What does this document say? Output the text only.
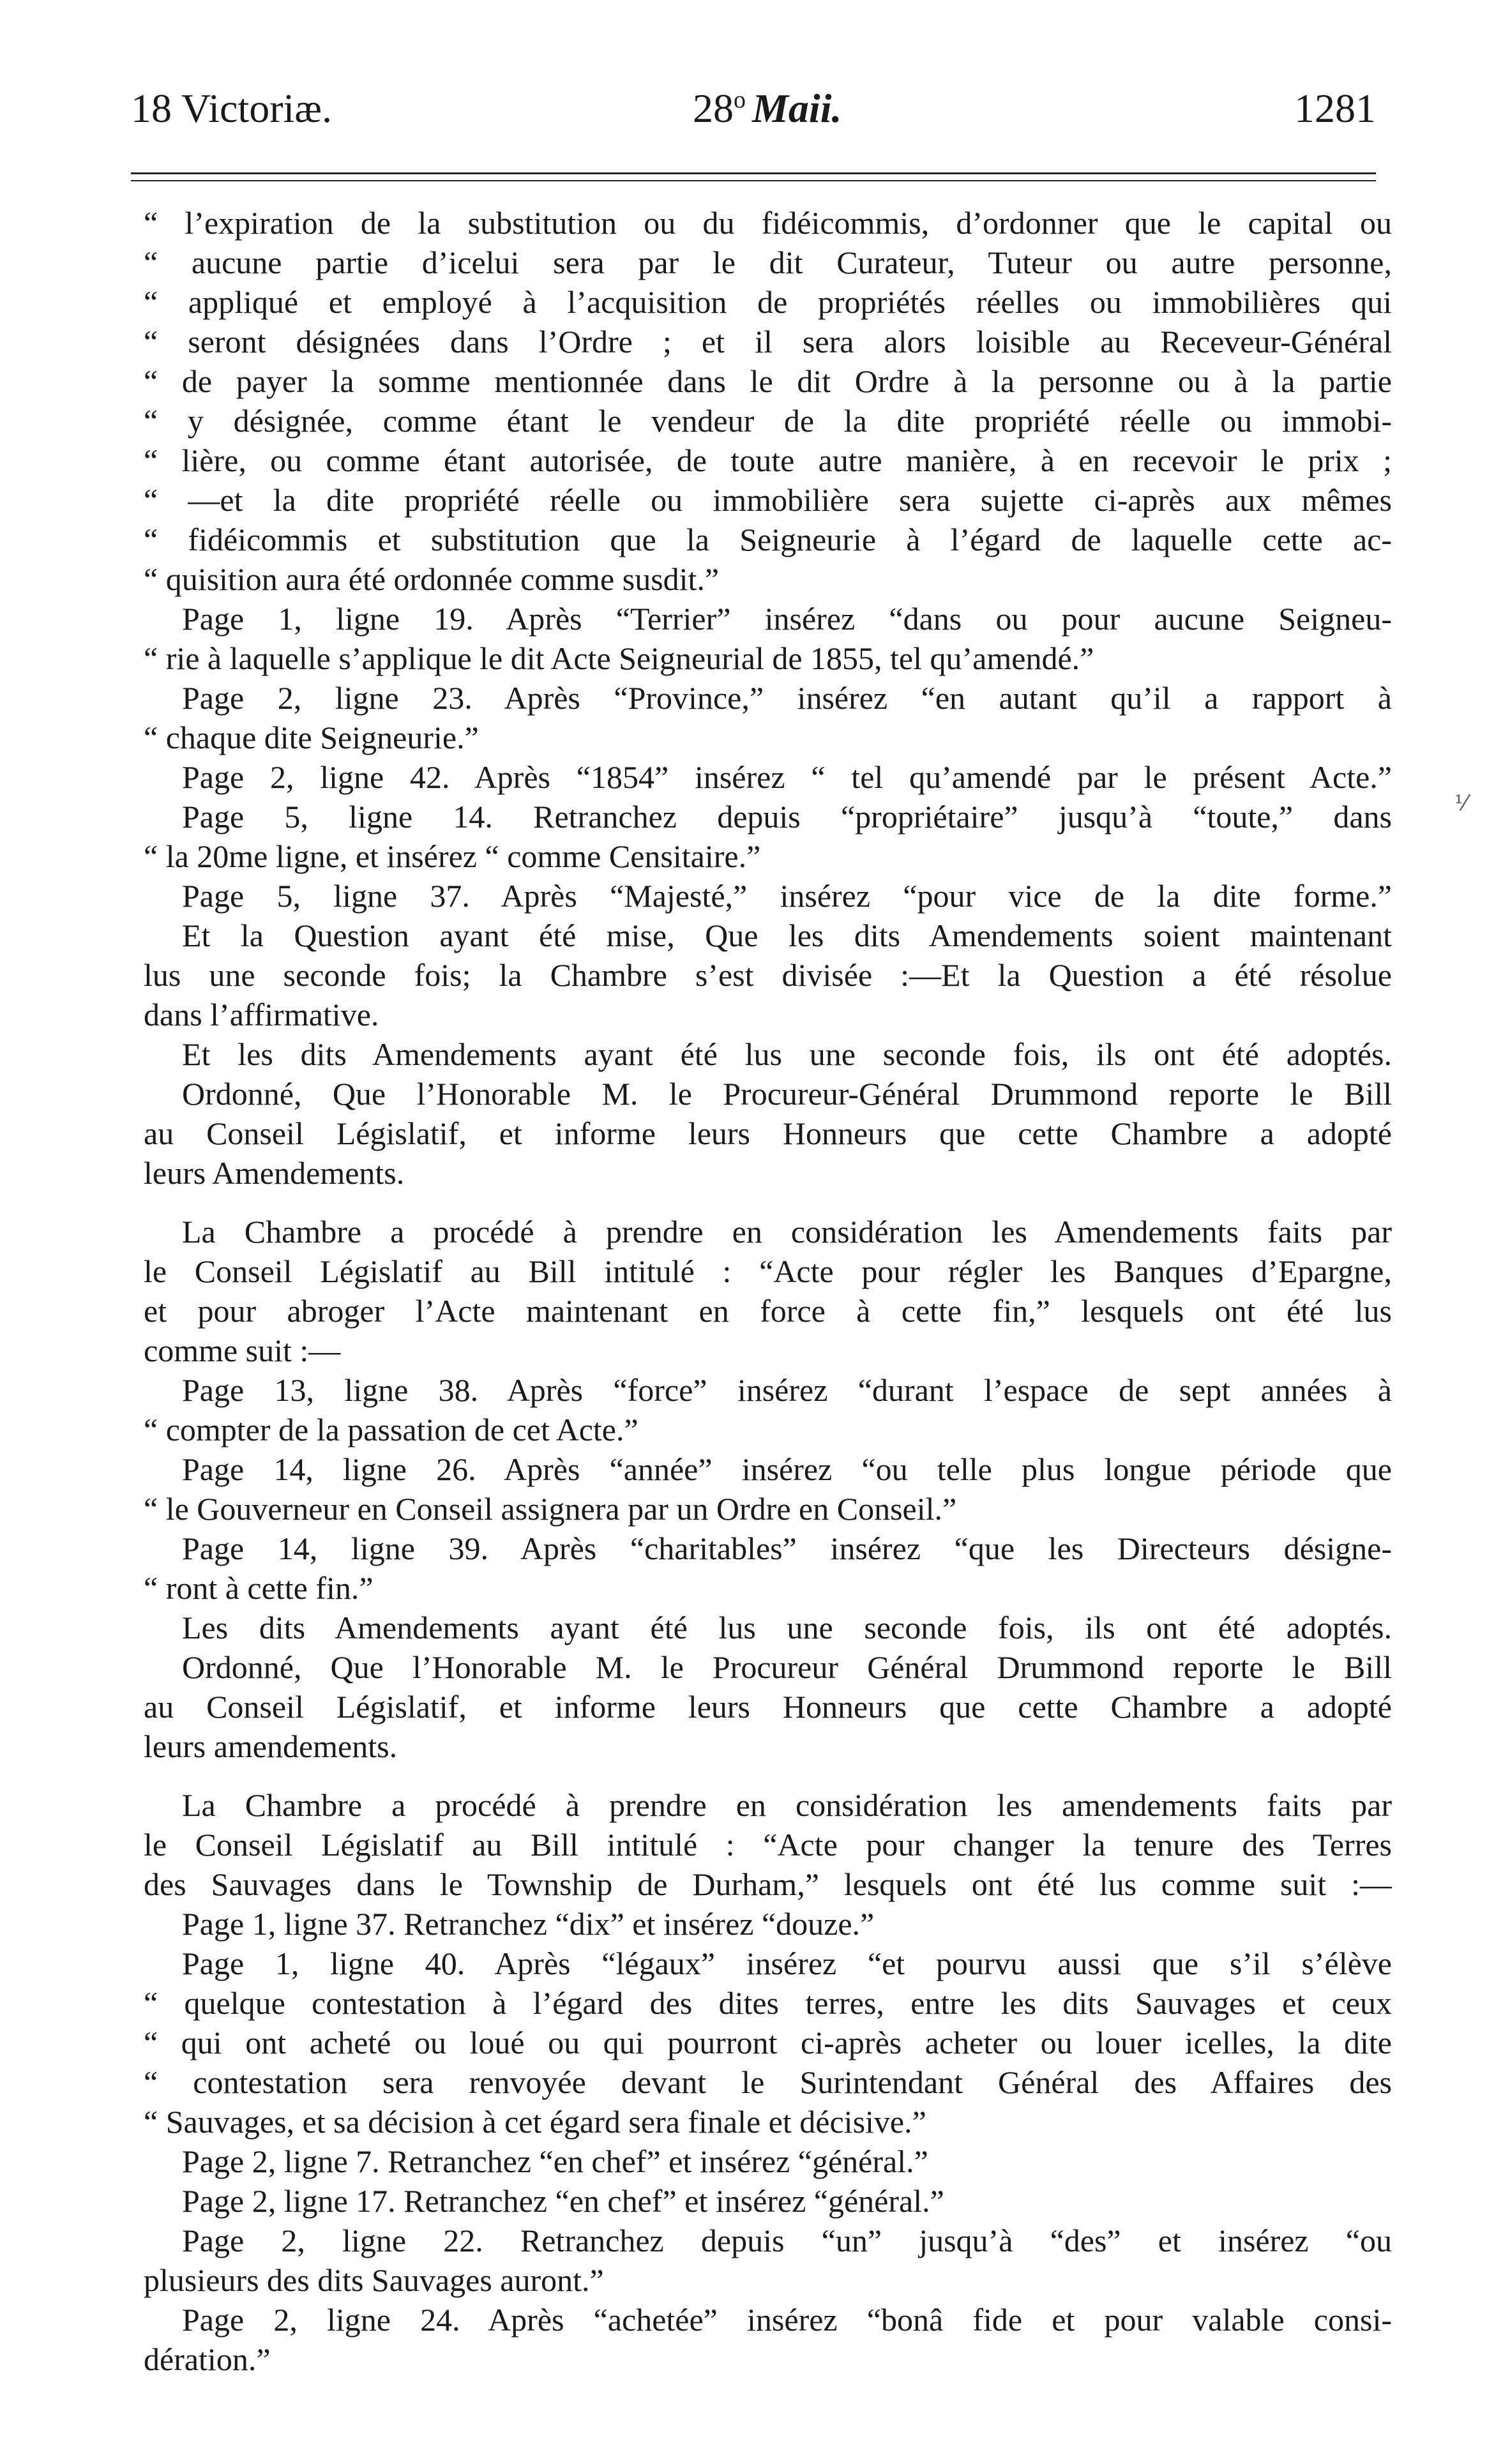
18 Victoriæ.	28$^o$ Maii.	1281
“ l’expiration de la substitution ou du fidéicommis, d’ordonner que le capital ou
“ aucune partie d’icelui sera par le dit Curateur, Tuteur ou autre personne,
“ appliqué et employé à l’acquisition de propriétés réelles ou immobilières qui
“ seront désignées dans l’Ordre ; et il sera alors loisible au Receveur-Général
“ de payer la somme mentionnée dans le dit Ordre à la personne ou à la partie
“ y désignée, comme étant le vendeur de la dite propriété réelle ou immobi-
“ lière, ou comme étant autorisée, de toute autre manière, à en recevoir le prix ;
“ —et la dite propriété réelle ou immobilière sera sujette ci-après aux mêmes
“ fidéicommis et substitution que la Seigneurie à l’égard de laquelle cette ac-
“ quisition aura été ordonnée comme susdit.”
Page 1, ligne 19. Après “Terrier” insérez “dans ou pour aucune Seigneu-
“ rie à laquelle s’applique le dit Acte Seigneurial de 1855, tel qu’amendé.”
Page 2, ligne 23. Après “Province,” insérez “en autant qu’il a rapport à
“ chaque dite Seigneurie.”
Page 2, ligne 42. Après “1854” insérez “ tel qu’amendé par le présent Acte.”
Page 5, ligne 14. Retranchez depuis “propriétaire” jusqu’à “toute,” dans
“ la 20me ligne, et insérez “ comme Censitaire.”
Page 5, ligne 37. Après “Majesté,” insérez “pour vice de la dite forme.”
Et la Question ayant été mise, Que les dits Amendements soient maintenant
lus une seconde fois; la Chambre s’est divisée :—Et la Question a été résolue
dans l’affirmative.
Et les dits Amendements ayant été lus une seconde fois, ils ont été adoptés.
Ordonné, Que l’Honorable M. le Procureur-Général Drummond reporte le Bill
au Conseil Législatif, et informe leurs Honneurs que cette Chambre a adopté
leurs Amendements.
La Chambre a procédé à prendre en considération les Amendements faits par
le Conseil Législatif au Bill intitulé : “Acte pour régler les Banques d’Epargne,
et pour abroger l’Acte maintenant en force à cette fin,” lesquels ont été lus
comme suit :—
Page 13, ligne 38. Après “force” insérez “durant l’espace de sept années à
“ compter de la passation de cet Acte.”
Page 14, ligne 26. Après “année” insérez “ou telle plus longue période que
“ le Gouverneur en Conseil assignera par un Ordre en Conseil.”
Page 14, ligne 39. Après “charitables” insérez “que les Directeurs désigne-
“ ront à cette fin.”
Les dits Amendements ayant été lus une seconde fois, ils ont été adoptés.
Ordonné, Que l’Honorable M. le Procureur Général Drummond reporte le Bill
au Conseil Législatif, et informe leurs Honneurs que cette Chambre a adopté
leurs amendements.
La Chambre a procédé à prendre en considération les amendements faits par
le Conseil Législatif au Bill intitulé : “Acte pour changer la tenure des Terres
des Sauvages dans le Township de Durham,” lesquels ont été lus comme suit :—
Page 1, ligne 37. Retranchez “dix” et insérez “douze.”
Page 1, ligne 40. Après “légaux” insérez “et pourvu aussi que s’il s’élève
“ quelque contestation à l’égard des dites terres, entre les dits Sauvages et ceux
“ qui ont acheté ou loué ou qui pourront ci-après acheter ou louer icelles, la dite
“ contestation sera renvoyée devant le Surintendant Général des Affaires des
“ Sauvages, et sa décision à cet égard sera finale et décisive.”
Page 2, ligne 7. Retranchez “en chef” et insérez “général.”
Page 2, ligne 17. Retranchez “en chef” et insérez “général.”
Page 2, ligne 22. Retranchez depuis “un” jusqu’à “des” et insérez “ou
plusieurs des dits Sauvages auront.”
Page 2, ligne 24. Après “achetée” insérez “bonâ fide et pour valable consi-
dération.”
⅟
